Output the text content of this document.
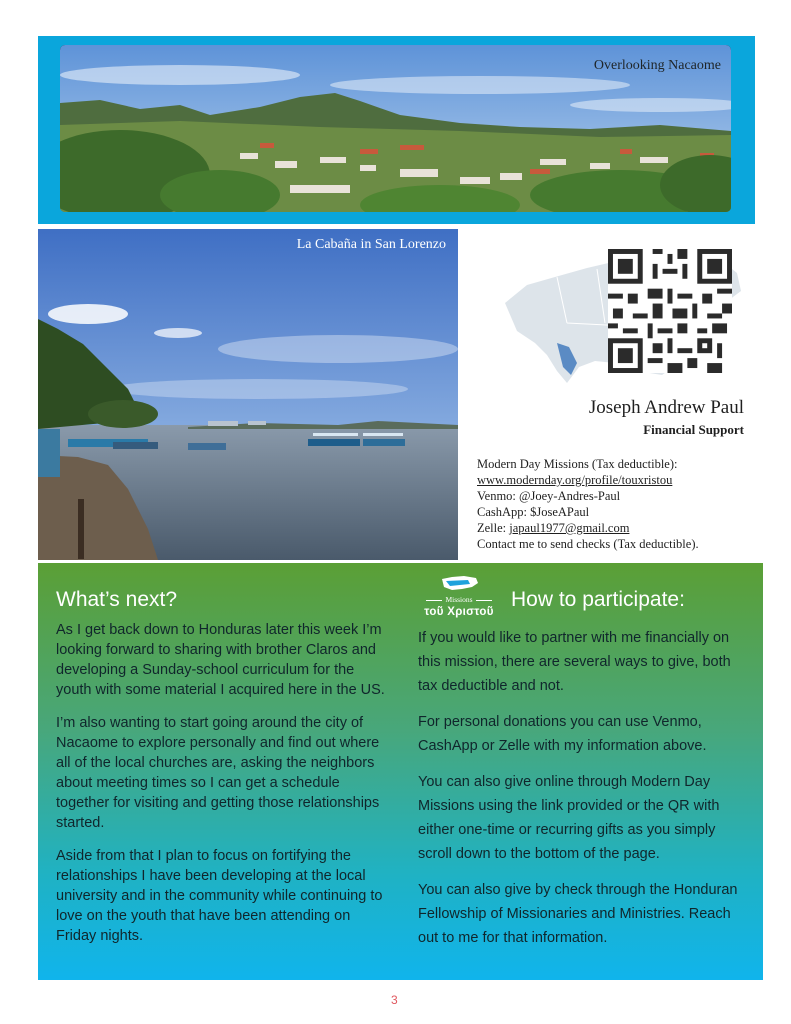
Overlooking Nacaome
La Cabaña in San Lorenzo
Joseph Andrew Paul
Financial Support
Modern Day Missions (Tax deductible):
www.modernday.org/profile/touxristou
Venmo: @Joey-Andres-Paul
CashApp: $JoseAPaul
Zelle: japaul1977@gmail.com
Contact me to send checks (Tax deductible).
What’s next?

As I get back down to Honduras later this week I’m looking forward to sharing with brother Claros and developing a Sunday-school curriculum for the youth with some material I acquired here in the US.

I’m also wanting to start going around the city of Nacaome to explore personally and find out where all of the local churches are, asking the neighbors about meeting times so I can get a schedule together for visiting and getting those relationships started.

Aside from that I plan to focus on fortifying the relationships I have been developing at the local university and in the community while continuing to love on the youth that have been attending on Friday nights.

Missions
τοῦ Χριστοῦ
How to participate:

If you would like to partner with me financially on this mission, there are several ways to give, both tax deductible and not.

For personal donations you can use Venmo, CashApp or Zelle with my information above.

You can also give online through Modern Day Missions using the link provided or the QR with either one-time or recurring gifts as you simply scroll down to the bottom of the page.

You can also give by check through the Honduran Fellowship of Missionaries and Ministries. Reach out to me for that information.

3
